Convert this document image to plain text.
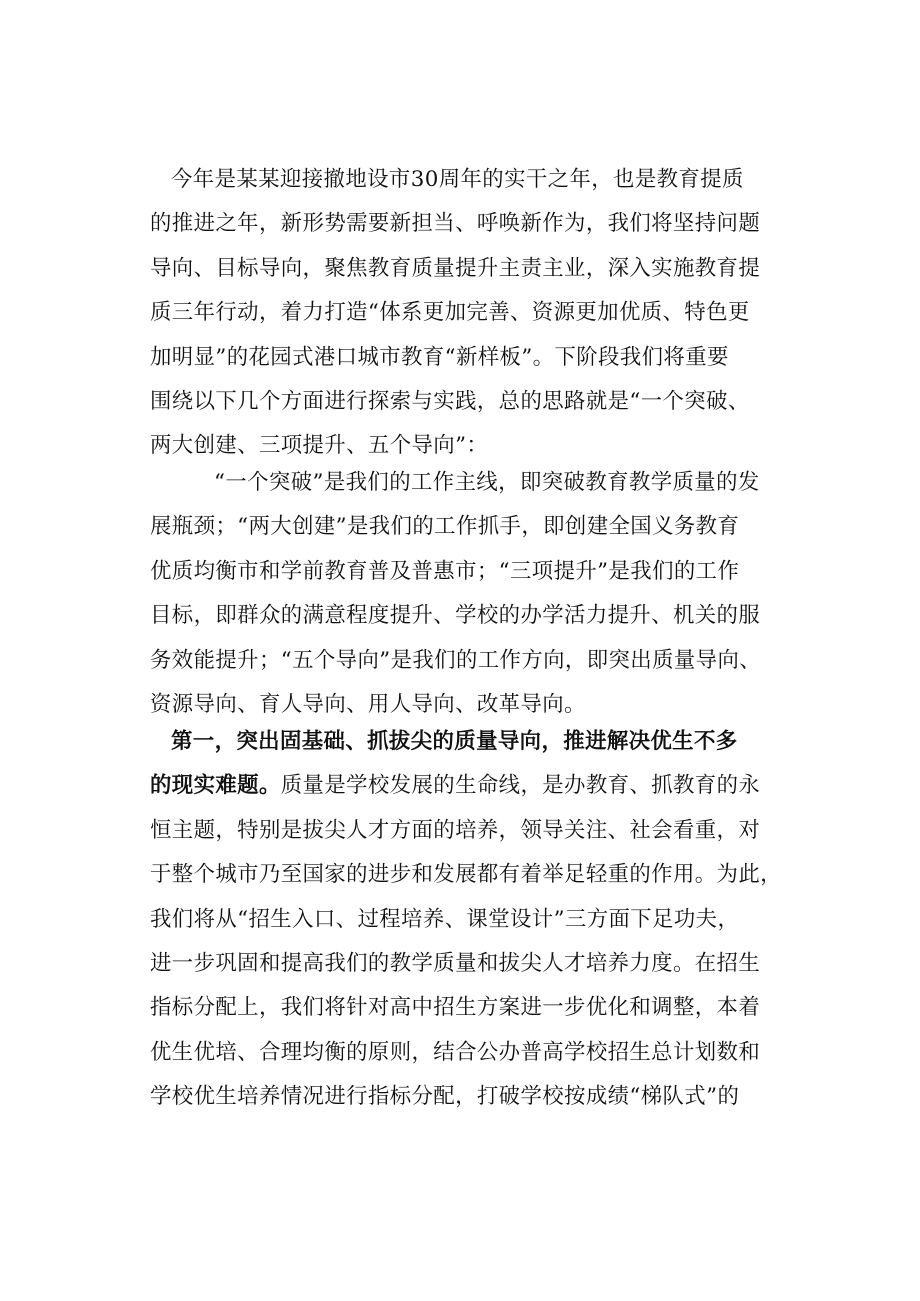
今年是某某迎接撤地设市30周年的实干之年，也是教育提质
的推进之年，新形势需要新担当、呼唤新作为，我们将坚持问题
导向、目标导向，聚焦教育质量提升主责主业，深入实施教育提
质三年行动，着力打造“体系更加完善、资源更加优质、特色更
加明显”的花园式港口城市教育“新样板”。下阶段我们将重要
围绕以下几个方面进行探索与实践，总的思路就是“一个突破、
两大创建、三项提升、五个导向”：
“一个突破”是我们的工作主线，即突破教育教学质量的发
展瓶颈；“两大创建”是我们的工作抓手，即创建全国义务教育
优质均衡市和学前教育普及普惠市；“三项提升”是我们的工作
目标，即群众的满意程度提升、学校的办学活力提升、机关的服
务效能提升；“五个导向”是我们的工作方向，即突出质量导向、
资源导向、育人导向、用人导向、改革导向。
第一，突出固基础、抓拔尖的质量导向，推进解决优生不多
的现实难题。质量是学校发展的生命线，是办教育、抓教育的永
恒主题，特别是拔尖人才方面的培养，领导关注、社会看重，对
于整个城市乃至国家的进步和发展都有着举足轻重的作用。为此，
我们将从“招生入口、过程培养、课堂设计”三方面下足功夫，
进一步巩固和提高我们的教学质量和拔尖人才培养力度。在招生
指标分配上，我们将针对高中招生方案进一步优化和调整，本着
优生优培、合理均衡的原则，结合公办普高学校招生总计划数和
学校优生培养情况进行指标分配，打破学校按成绩“梯队式”的
